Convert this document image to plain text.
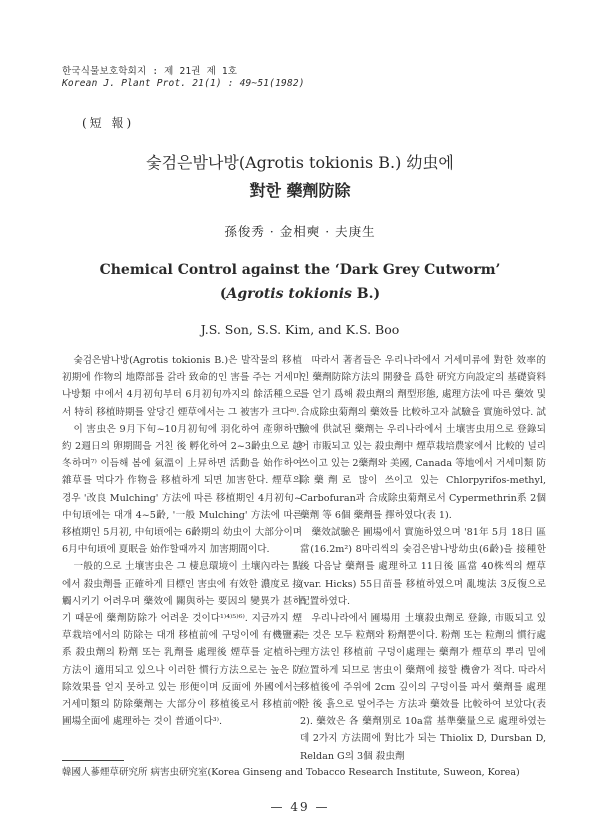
한국식물보호학회지 : 제 21권 제 1호
Korean J. Plant Prot. 21(1) : 49~51(1982)
(短 報)
숯검은밤나방(Agrotis tokionis B.) 幼虫에
對한 藥劑防除
孫俊秀 · 金相奭 · 夫庚生
Chemical Control against the ‘Dark Grey Cutworm’
(Agrotis tokionis B.)
J.S. Son, S.S. Kim, and K.S. Boo

숯검은밤나방(Agrotis tokionis B.)은 발작물의 移植初期에 作物의 地際部를 갉라 致命的인 害를 주는 거세미나방類 中에서 4月初旬부터 6月初旬까지의 餘活種으로서 特히 移植時期를 앞당긴 煙草에서는 그 被害가 크다⁸⁾.

이 害虫은 9月下旬~10月初旬에 羽化하여 產卵하면 約 2週日의 卵期間을 거친 後 孵化하여 2~3齡虫으로 越冬하며⁷⁾ 이듬해 봄에 氣溫이 上昇하면 活動을 始作하여 雜草를 먹다가 作物을 移植하게 되면 加害한다. 煙草의 경우 '改良 Mulching' 方法에 따른 移植期인 4月初旬~中旬頃에는 대개 4~5齡, '一般 Mulching' 方法에 따른 移植期인 5月初, 中旬頃에는 6齡期의 幼虫이 大部分이며 6月中旬頃에 夏眠을 始作할때까지 加害期間이다.

一般的으로 土壤害虫은 그 棲息環境이 土壤內라는 點에서 殺虫劑를 正確하게 目標인 害虫에 有效한 濃度로 接觸시키기 어려우며 藥效에 關與하는 要因의 變異가 甚하기 때문에 藥劑防除가 어려운 것이다¹⁾⁴⁾⁵⁾⁶⁾. 지금까지 煙草栽培에서의 防除는 대개 移植前에 구덩이에 有機鹽素系 殺虫劑의 粉劑 또는 乳劑를 處理後 煙草를 定植하는 方法이 適用되고 있으나 이러한 慣行方法으로는 높은 防除效果를 얻지 못하고 있는 形便이며 反面에 外國에서는 거세미類의 防除藥劑는 大部分이 移植後로서 移植前에 圃場全面에 處理하는 것이 普通이다³⁾.

따라서 著者들은 우리나라에서 거세미류에 對한 效率的인 藥劑防除方法의 開發을 爲한 研究方向設定의 基礎資料를 얻기 爲해 殺虫劑의 劑型形態, 處理方法에 따른 藥效 및 合成除虫菊劑의 藥效를 比較하고자 試驗을 實施하였다. 試驗에 供試된 藥劑는 우리나라에서 土壤害虫用으로 登錄되어 市販되고 있는 殺虫劑中 煙草栽培農家에서 比較的 널리 쓰이고 있는 2藥劑와 美國, Canada 等地에서 거세미類 防除藥劑로 많이 쓰이고 있는 Chlorpyrifos-methyl, Carbofuran과 合成除虫菊劑로서 Cypermethrin系 2個 藥劑 等 6個 藥劑를 擇하였다(表 1).

藥效試驗은 圃場에서 實施하였으며 '81年 5月 18日 區當(16.2m²) 8마리씩의 숯검은밤나방幼虫(6齡)을 接種한 後 다음날 藥劑를 處理하고 11日後 區當 40株씩의 煙草(var. Hicks) 55日苗를 移植하였으며 亂塊法 3反復으로 配置하였다.

우리나라에서 圃場用 土壤殺虫劑로 登錄, 市販되고 있는 것은 모두 粒劑와 粉劑뿐이다. 粉劑 또는 粒劑의 慣行處理方法인 移植前 구덩이處理는 藥劑가 煙草의 뿌리 밑에 位置하게 되므로 害虫이 藥劑에 接할 機會가 적다. 따라서 移植後에 주위에 2cm 깊이의 구덩이를 파서 藥劑를 處理한 後 흙으로 덮어주는 方法과 藥效를 比較하여 보았다(表 2). 藥效은 各 藥劑別로 10a當 基準藥量으로 處理하였는데 2가지 方法間에 對比가 되는 Thiolix D, Dursban D, Reldan G의 3個 殺虫劑

韓國人蔘煙草研究所 病害虫研究室(Korea Ginseng and Tobacco Research Institute, Suweon, Korea)
— 49 —
